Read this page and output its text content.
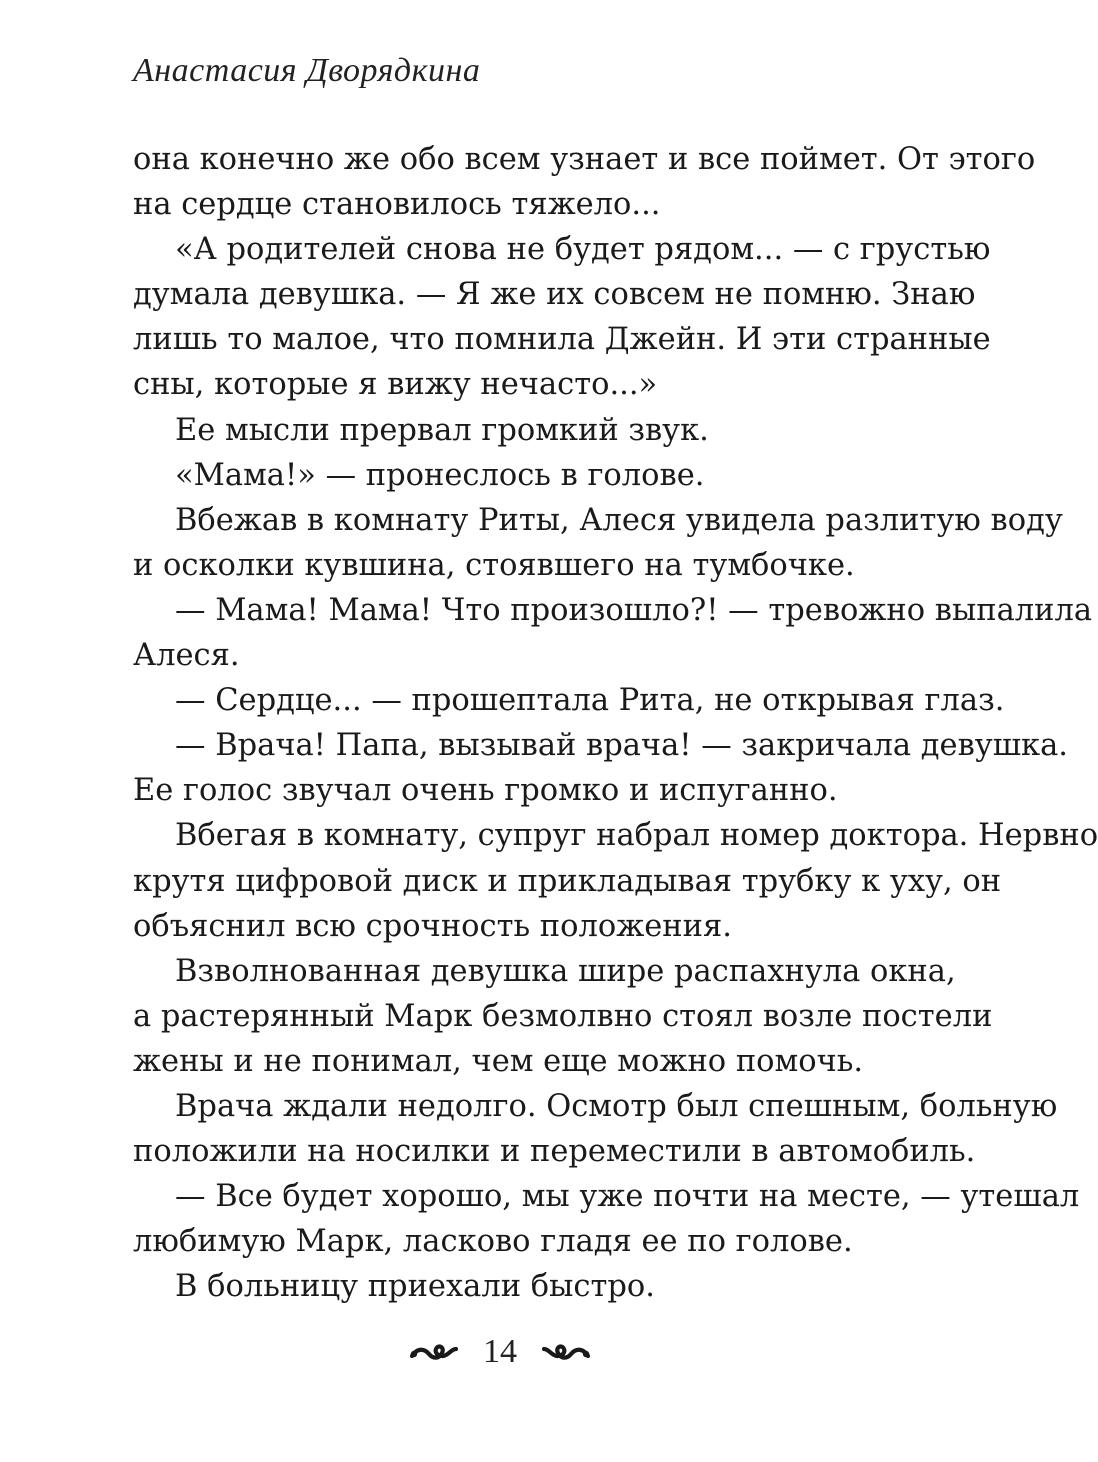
Анастасия Дворядкина
она конечно же обо всем узнает и все поймет. От этого
на сердце становилось тяжело...
«А родителей снова не будет рядом... — с грустью
думала девушка. — Я же их совсем не помню. Знаю
лишь то малое, что помнила Джейн. И эти странные
сны, которые я вижу нечасто...»
Ее мысли прервал громкий звук.
«Мама!» — пронеслось в голове.
Вбежав в комнату Риты, Алеся увидела разлитую воду
и осколки кувшина, стоявшего на тумбочке.
— Мама! Мама! Что произошло?! — тревожно выпалила
Алеся.
— Сердце... — прошептала Рита, не открывая глаз.
— Врача! Папа, вызывай врача! — закричала девушка.
Ее голос звучал очень громко и испуганно.
Вбегая в комнату, супруг набрал номер доктора. Нервно
крутя цифровой диск и прикладывая трубку к уху, он
объяснил всю срочность положения.
Взволнованная девушка шире распахнула окна,
а растерянный Марк безмолвно стоял возле постели
жены и не понимал, чем еще можно помочь.
Врача ждали недолго. Осмотр был спешным, больную
положили на носилки и переместили в автомобиль.
— Все будет хорошо, мы уже почти на месте, — утешал
любимую Марк, ласково гладя ее по голове.
В больницу приехали быстро.
14
